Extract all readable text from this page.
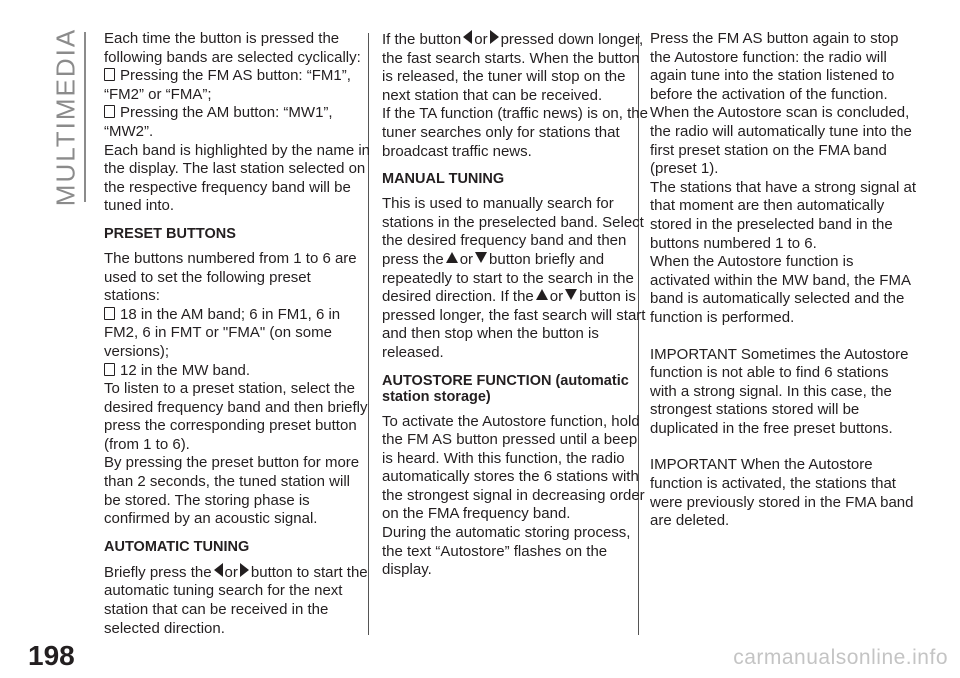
MULTIMEDIA Each time the button is pressed the following bands are selected cyclically:

Pressing the FM AS button: “FM1”, “FM2” or “FMA”;

Pressing the AM button: “MW1”, “MW2”.

Each band is highlighted by the name in the display. The last station selected on the respective frequency band will be tuned into.

PRESET BUTTONS

The buttons numbered from 1 to 6 are used to set the following preset stations:

18 in the AM band; 6 in FM1, 6 in FM2, 6 in FMT or "FMA" (on some versions);

12 in the MW band.

To listen to a preset station, select the desired frequency band and then briefly press the corresponding preset button (from 1 to 6).

By pressing the preset button for more than 2 seconds, the tuned station will be stored. The storing phase is confirmed by an acoustic signal.

AUTOMATIC TUNING

Briefly press the or button to start the automatic tuning search for the next station that can be received in the selected direction.

If the button or pressed down longer, the fast search starts. When the button is released, the tuner will stop on the next station that can be received.

If the TA function (traffic news) is on, the tuner searches only for stations that broadcast traffic news.

MANUAL TUNING

This is used to manually search for stations in the preselected band. Select the desired frequency band and then press the or button briefly and repeatedly to start to the search in the desired direction. If the or button is pressed longer, the fast search will start and then stop when the button is released.

AUTOSTORE FUNCTION (automatic station storage)

To activate the Autostore function, hold the FM AS button pressed until a beep is heard. With this function, the radio automatically stores the 6 stations with the strongest signal in decreasing order on the FMA frequency band.

During the automatic storing process, the text “Autostore” flashes on the display.

Press the FM AS button again to stop the Autostore function: the radio will again tune into the station listened to before the activation of the function.

When the Autostore scan is concluded, the radio will automatically tune into the first preset station on the FMA band (preset 1).

The stations that have a strong signal at that moment are then automatically stored in the preselected band in the buttons numbered 1 to 6.

When the Autostore function is activated within the MW band, the FMA band is automatically selected and the function is performed.

IMPORTANT Sometimes the Autostore function is not able to find 6 stations with a strong signal. In this case, the strongest stations stored will be duplicated in the free preset buttons.

IMPORTANT When the Autostore function is activated, the stations that were previously stored in the FMA band are deleted.

198	carmanualsonline.info
